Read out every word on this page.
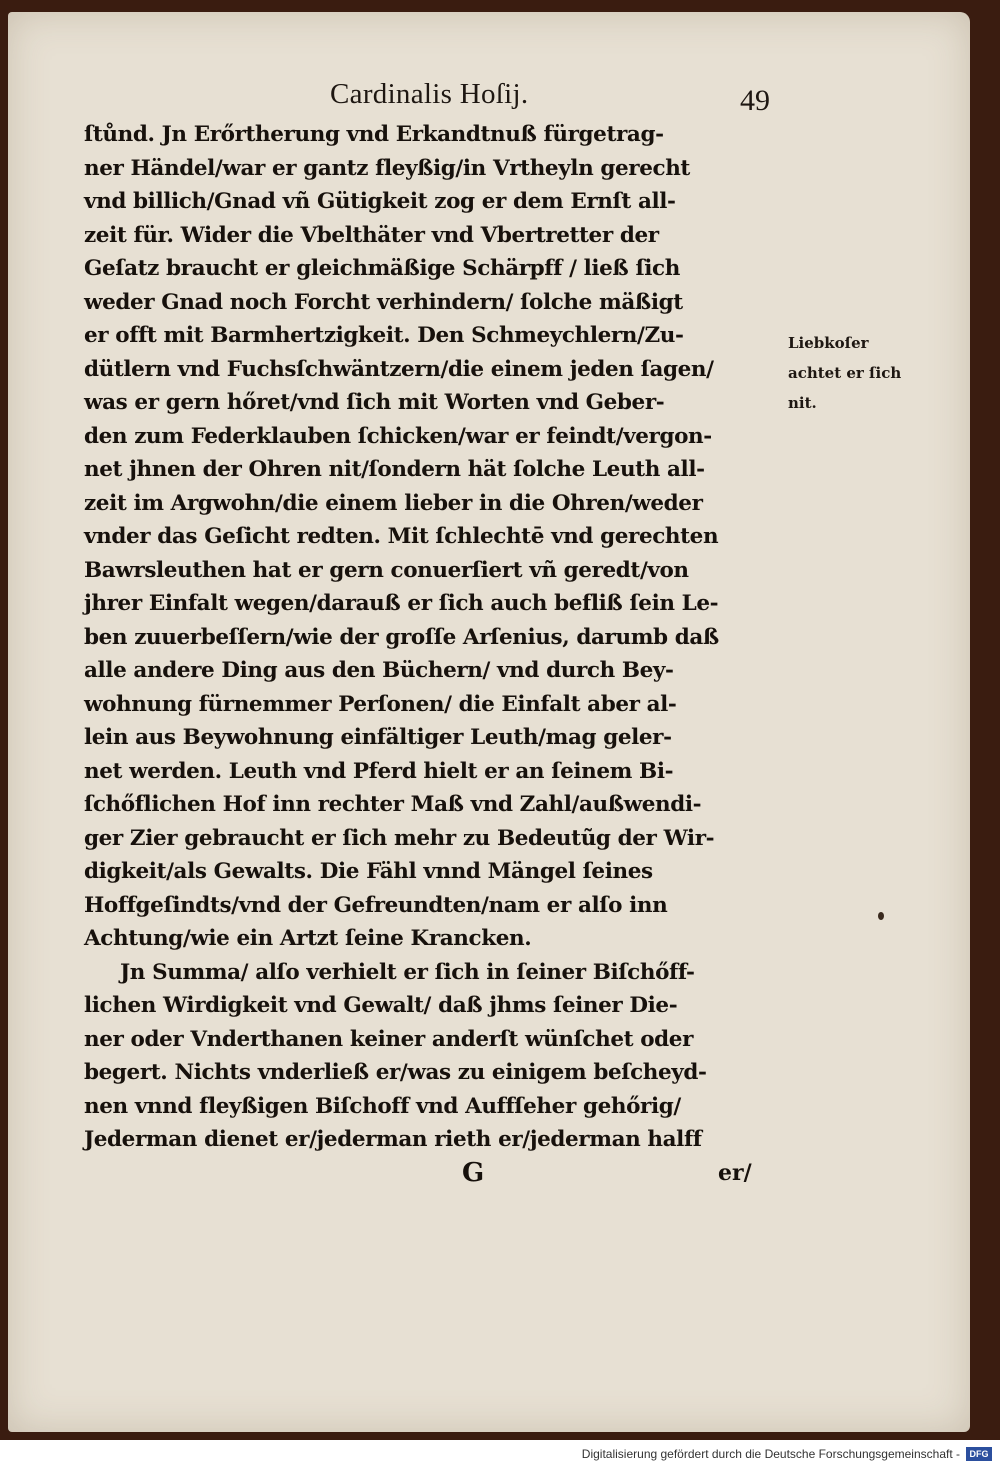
Cardinalis Hoſij.	49
ſtůnd. Jn Erőrtherung vnd Erkandtnuß fürgetrag-
ner Händel/war er gantz fleyßig/in Vrtheyln gerecht
vnd billich/Gnad vñ Gütigkeit zog er dem Ernſt all-
zeit für. Wider die Vbelthäter vnd Vbertretter der
Geſatz braucht er gleichmäßige Schärpff / ließ ſich
weder Gnad noch Forcht verhindern/ ſolche mäßigt
er offt mit Barmhertzigkeit. Den Schmeychlern/Zu-
dütlern vnd Fuchsſchwäntzern/die einem jeden ſagen/
was er gern hőret/vnd ſich mit Worten vnd Geber-
den zum Federklauben ſchicken/war er feindt/vergon-
net jhnen der Ohren nit/ſondern hät ſolche Leuth all-
zeit im Argwohn/die einem lieber in die Ohren/weder
vnder das Geſicht redten. Mit ſchlechtē vnd gerechten
Bawrsleuthen hat er gern conuerſiert vñ geredt/von
jhrer Einfalt wegen/darauß er ſich auch befliß ſein Le-
ben zuuerbeſſern/wie der groſſe Arſenius, darumb daß
alle andere Ding aus den Büchern/ vnd durch Bey-
wohnung fürnemmer Perſonen/ die Einfalt aber al-
lein aus Beywohnung einfältiger Leuth/mag geler-
net werden. Leuth vnd Pferd hielt er an ſeinem Bi-
ſchőflichen Hof inn rechter Maß vnd Zahl/außwendi-
ger Zier gebraucht er ſich mehr zu Bedeutũg der Wir-
digkeit/als Gewalts. Die Fähl vnnd Mängel ſeines
Hoffgeſindts/vnd der Gefreundten/nam er alſo inn
Achtung/wie ein Artzt ſeine Krancken.
Jn Summa/ alſo verhielt er ſich in ſeiner Biſchőff-
lichen Wirdigkeit vnd Gewalt/ daß jhms ſeiner Die-
ner oder Vnderthanen keiner anderſt wünſchet oder
begert. Nichts vnderließ er/was zu einigem beſcheyd-
nen vnnd fleyßigen Biſchoff vnd Auffſeher gehőrig/
Jederman dienet er/jederman rieth er/jederman halff
Liebkoſer
achtet er ſich
nit.
G	er/
Digitalisierung gefördert durch die Deutsche Forschungsgemeinschaft -	DFG
